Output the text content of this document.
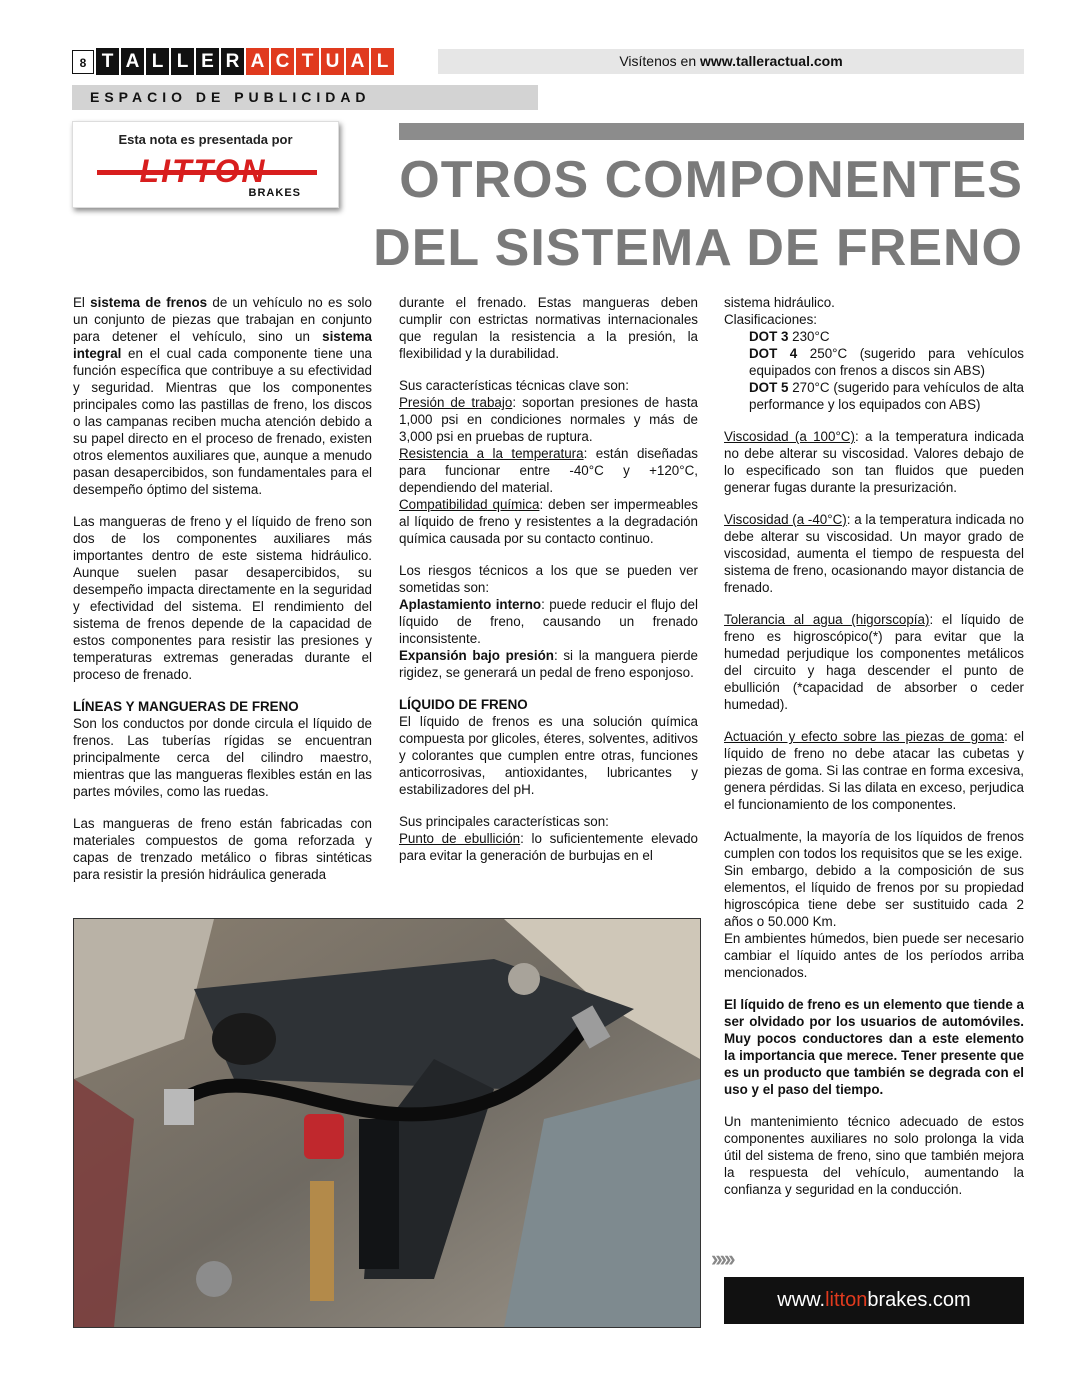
8 T A L L E R A C T U A L	Visítenos en www.talleractual.com
ESPACIO DE PUBLICIDAD
Esta nota es presentada por
LITTON
BRAKES OTROS COMPONENTES
DEL SISTEMA DE FRENO

El sistema de frenos de un vehículo no es solo un conjunto de piezas que trabajan en conjunto para detener el vehículo, sino un sistema integral en el cual cada componente tiene una función específica que contribuye a su efectividad y seguridad. Mientras que los componentes principales como las pastillas de freno, los discos o las campanas reciben mucha atención debido a su papel directo en el proceso de frenado, existen otros elementos auxiliares que, aunque a menudo pasan desapercibidos, son fundamentales para el desempeño óptimo del sistema.

Las mangueras de freno y el líquido de freno son dos de los componentes auxiliares más importantes dentro de este sistema hidráulico. Aunque suelen pasar desapercibidos, su desempeño impacta directamente en la seguridad y efectividad del sistema. El rendimiento del sistema de frenos depende de la capacidad de estos componentes para resistir las presiones y temperaturas extremas generadas durante el proceso de frenado.

LÍNEAS Y MANGUERAS DE FRENO

Son los conductos por donde circula el líquido de frenos. Las tuberías rígidas se encuentran principalmente cerca del cilindro maestro, mientras que las mangueras flexibles están en las partes móviles, como las ruedas.

Las mangueras de freno están fabricadas con materiales compuestos de goma reforzada y capas de trenzado metálico o fibras sintéticas para resistir la presión hidráulica generada

durante el frenado. Estas mangueras deben cumplir con estrictas normativas internacionales que regulan la resistencia a la presión, la flexibilidad y la durabilidad.

Sus características técnicas clave son:
Presión de trabajo: soportan presiones de hasta 1,000 psi en condiciones normales y más de 3,000 psi en pruebas de ruptura.
Resistencia a la temperatura: están diseñadas para funcionar entre -40°C y +120°C, dependiendo del material.
Compatibilidad química: deben ser impermeables al líquido de freno y resistentes a la degradación química causada por su contacto continuo.
Los riesgos técnicos a los que se pueden ver sometidas son:
Aplastamiento interno: puede reducir el flujo del líquido de freno, causando un frenado inconsistente.
Expansión bajo presión: si la manguera pierde rigidez, se generará un pedal de freno esponjoso.
LÍQUIDO DE FRENO

El líquido de frenos es una solución química compuesta por glicoles, éteres, solventes, aditivos y colorantes que cumplen entre otras, funciones anticorrosivas, antioxidantes, lubricantes y estabilizadores del pH.

Sus principales características son:
Punto de ebullición: lo suficientemente elevado para evitar la generación de burbujas en el
sistema hidráulico.
Clasificaciones:
DOT 3 230°C
DOT 4 250°C (sugerido para vehículos equipados con frenos a discos sin ABS)
DOT 5 270°C (sugerido para vehículos de alta performance y los equipados con ABS)

Viscosidad (a 100°C): a la temperatura indicada no debe alterar su viscosidad. Valores debajo de lo especificado son tan fluidos que pueden generar fugas durante la presurización.

Viscosidad (a -40°C): a la temperatura indicada no debe alterar su viscosidad. Un mayor grado de viscosidad, aumenta el tiempo de respuesta del sistema de freno, ocasionando mayor distancia de frenado.

Tolerancia al agua (higorscopía): el líquido de freno es higroscópico(*) para evitar que la humedad perjudique los componentes metálicos del circuito y haga descender el punto de ebullición (*capacidad de absorber o ceder humedad).

Actuación y efecto sobre las piezas de goma: el líquido de freno no debe atacar las cubetas y piezas de goma. Si las contrae en forma excesiva, genera pérdidas. Si las dilata en exceso, perjudica el funcionamiento de los componentes.

Actualmente, la mayoría de los líquidos de frenos cumplen con todos los requisitos que se les exige.
Sin embargo, debido a la composición de sus elementos, el líquido de frenos por su propiedad higroscópica tiene debe ser sustituido cada 2 años o 50.000 Km.
En ambientes húmedos, bien puede ser necesario cambiar el líquido antes de los períodos arriba mencionados.

El líquido de freno es un elemento que tiende a ser olvidado por los usuarios de automóviles. Muy pocos conductores dan a este elemento la importancia que merece. Tener presente que es un producto que también se degrada con el uso y el paso del tiempo.

Un mantenimiento técnico adecuado de estos componentes auxiliares no solo prolonga la vida útil del sistema de freno, sino que también mejora la respuesta del vehículo, aumentando la confianza y seguridad en la conducción.

›››››
www.littonbrakes.com
